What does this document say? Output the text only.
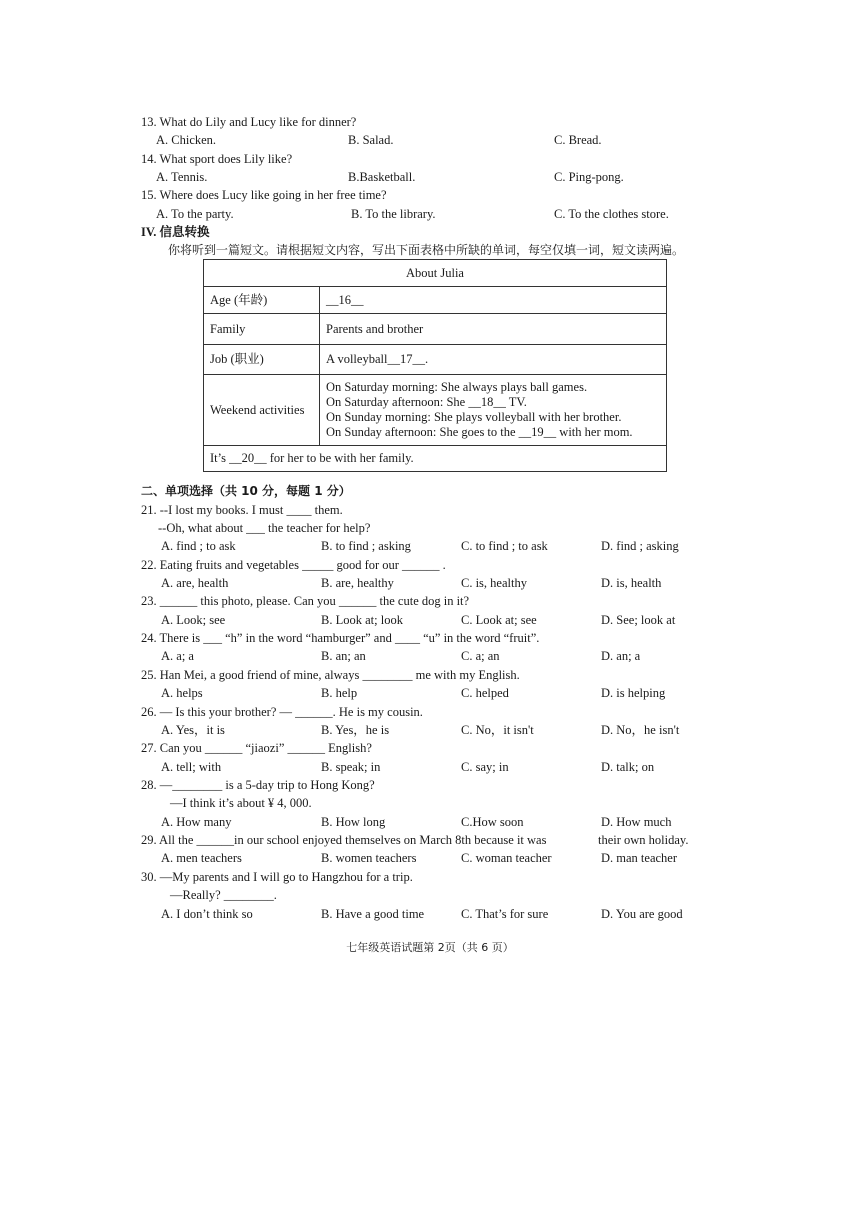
13. What do Lily and Lucy like for dinner?
A. Chicken.	B. Salad.	C. Bread.
14. What sport does Lily like?
A. Tennis.	B.Basketball.	C. Ping-pong.
15. Where does Lucy like going in her free time?
A. To the party.	B. To the library.	C. To the clothes store.
IV. 信息转换
你将听到一篇短文。请根据短文内容，写出下面表格中所缺的单词，每空仅填一词，短文读两遍。
About Julia	
Age (年龄)	__16__
Family	Parents and brother
Job (职业)	A volleyball__17__.
Weekend activities	On Saturday morning: She always plays ball games.
On Saturday afternoon: She __18__ TV.
On Sunday morning: She plays volleyball with her brother.
On Sunday afternoon: She goes to the __19__ with her mom.

It’s __20__ for her to be with her family.	
二、单项选择（共 10 分，每题 1 分）
21. --I lost my books. I must ____ them.
--Oh, what about ___ the teacher for help?
A. find ; to ask	B. to find ; asking	C. to find ; to ask	D. find ; asking
22. Eating fruits and vegetables _____ good for our ______ .
A. are, health	B. are, healthy	C. is, healthy	D. is, health
23. ______ this photo, please. Can you ______ the cute dog in it?
A. Look; see	B. Look at; look	C. Look at; see	D. See; look at
24. There is ___ “h” in the word “hamburger” and ____ “u” in the word “fruit”.
A. a; a	B. an; an	C. a; an	D. an; a
25. Han Mei, a good friend of mine, always ________ me with my English.
A. helps	B. help	C. helped	D. is helping
26. — Is this your brother? — ______. He is my cousin.
A. Yes，it is	B. Yes，he is	C. No，it isn't	D. No，he isn't
27. Can you ______ “jiaozi” ______ English?
A. tell; with	B. speak; in	C. say; in	D. talk; on
28. —________ is a 5-day trip to Hong Kong?
—I think it’s about ¥ 4, 000.
A. How many	B. How long	C.How soon	D. How much
29. All the ______in our school enjoyed themselves on March 8th because it was	their own holiday.
A. men teachers	B. women teachers	C. woman teacher	D. man teacher
30. —My parents and I will go to Hangzhou for a trip.
—Really? ________.
A. I don’t think so	B. Have a good time	C. That’s for sure	D. You are good
七年级英语试题第 2页（共 6 页）
